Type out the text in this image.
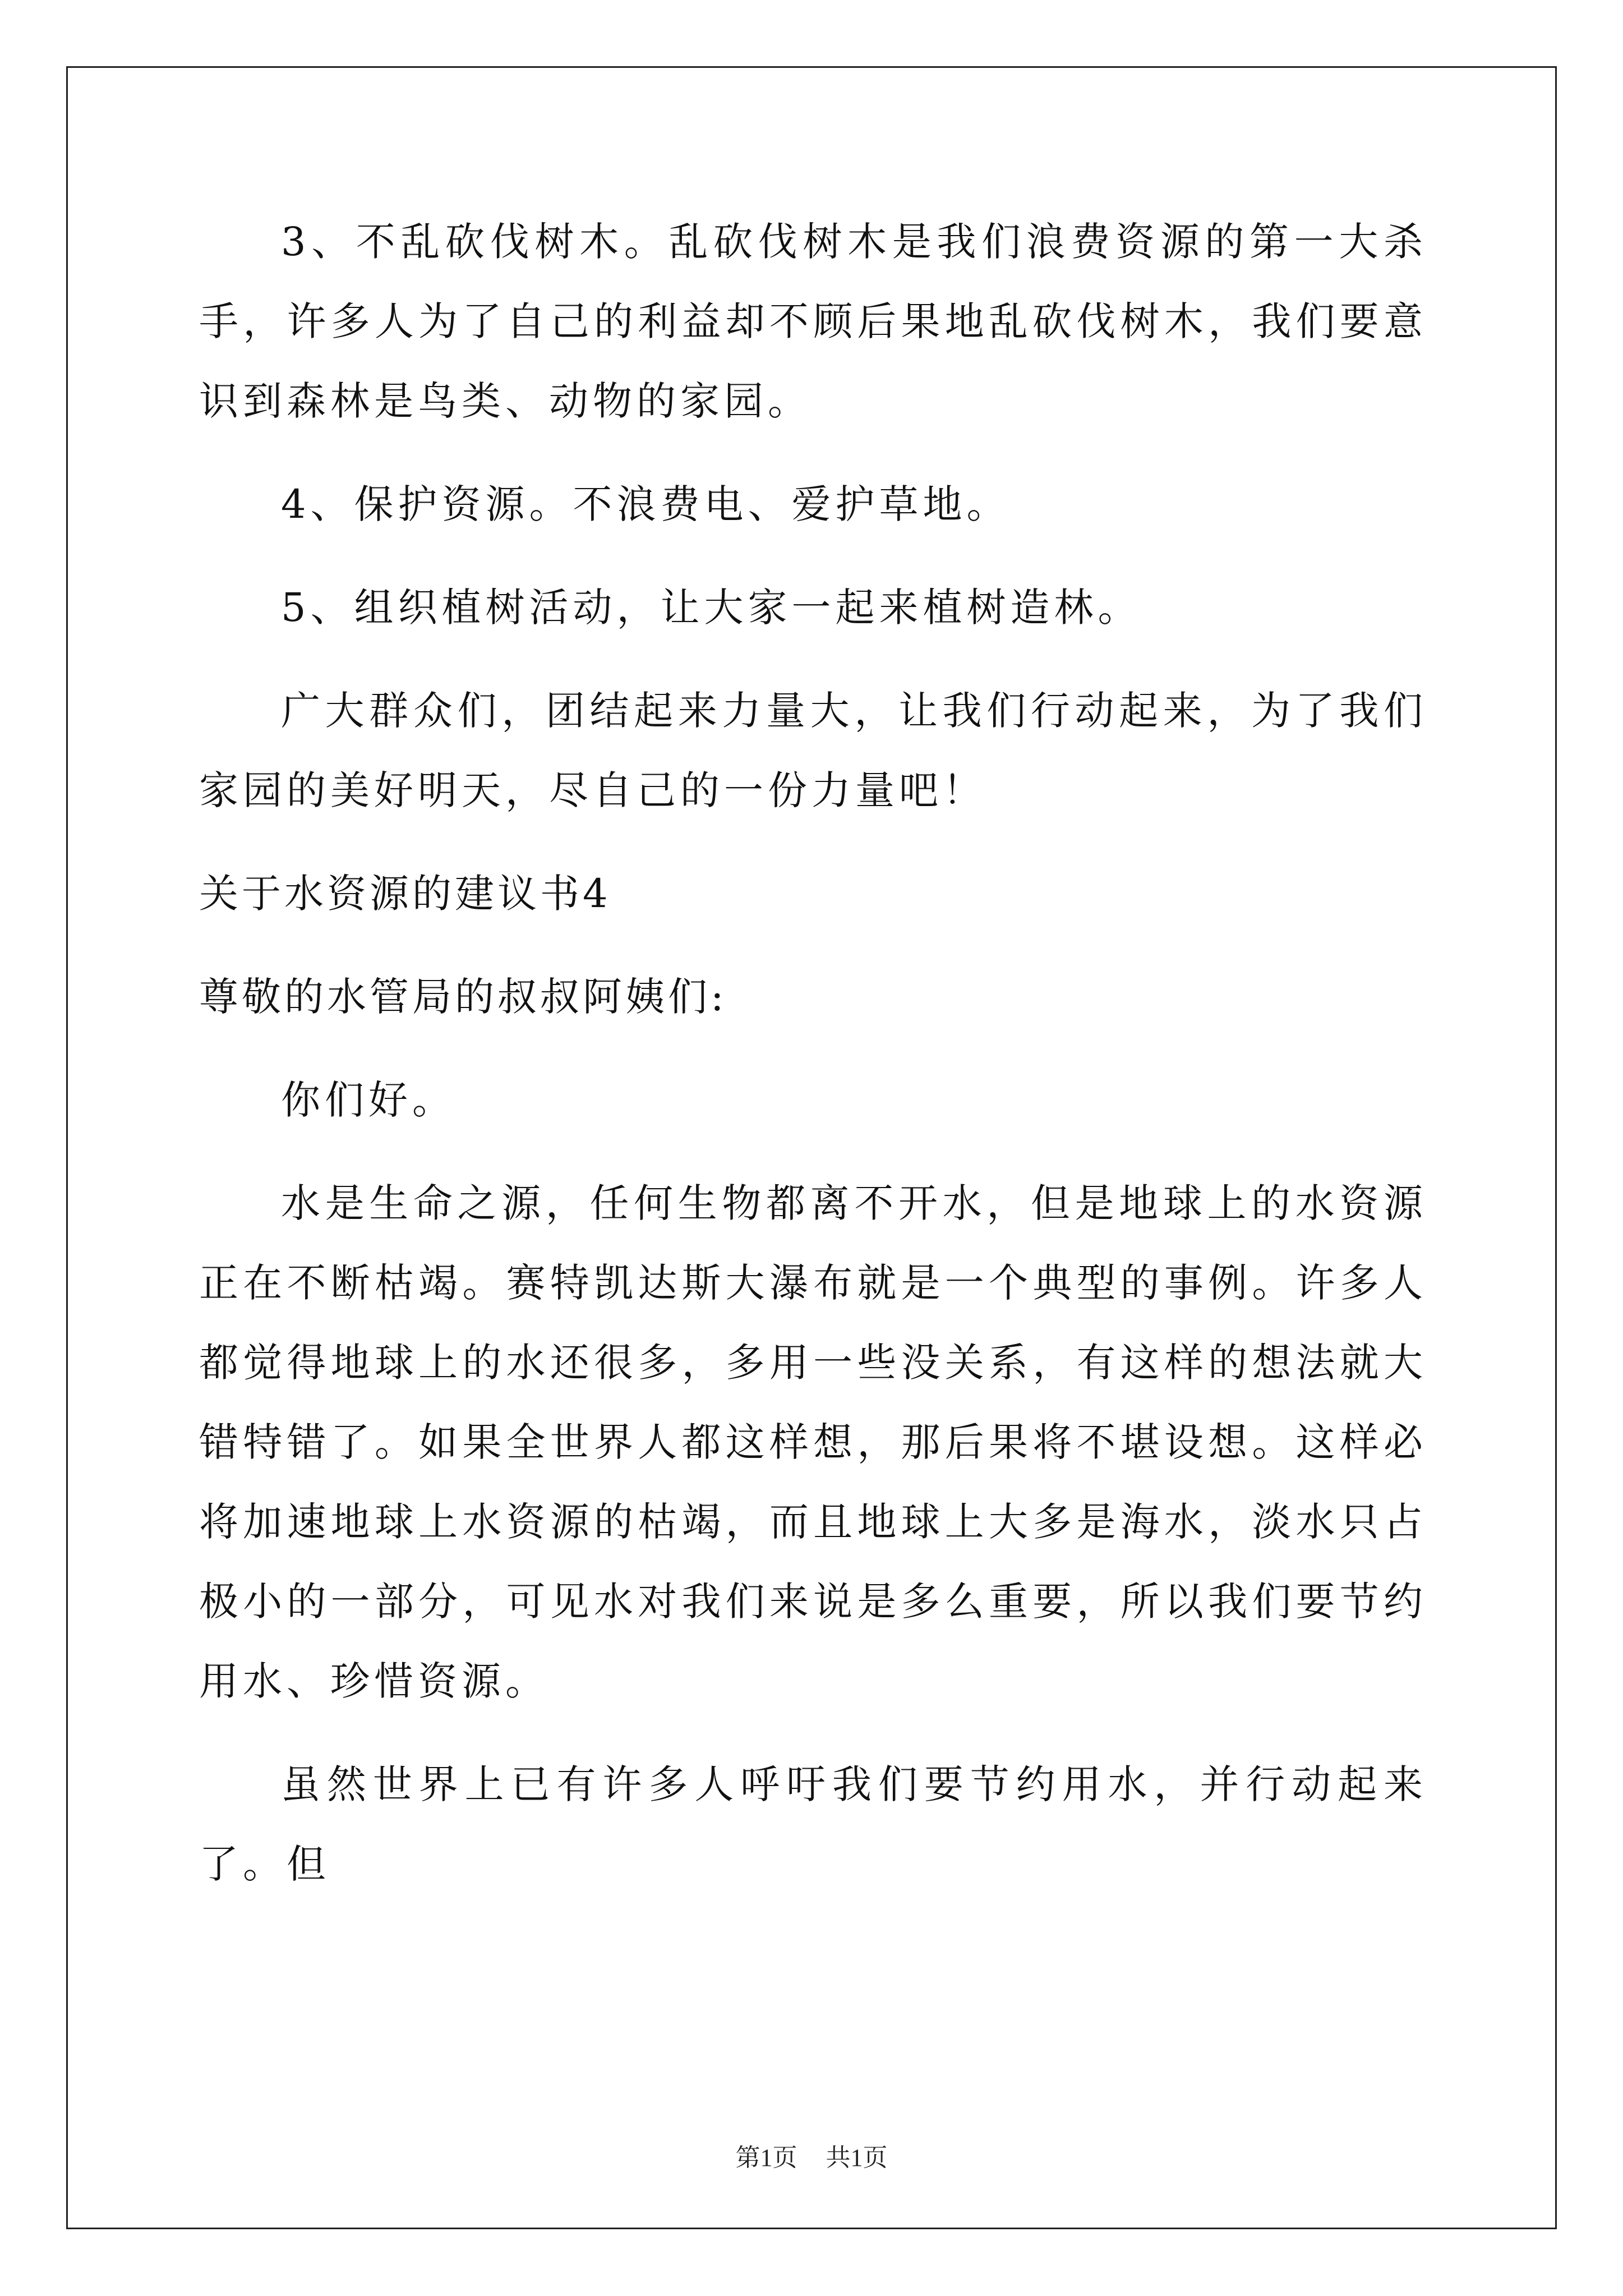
3、不乱砍伐树木。乱砍伐树木是我们浪费资源的第一大杀手，许多人为了自己的利益却不顾后果地乱砍伐树木，我们要意识到森林是鸟类、动物的家园。

4、保护资源。不浪费电、爱护草地。

5、组织植树活动，让大家一起来植树造林。

广大群众们，团结起来力量大，让我们行动起来，为了我们家园的美好明天，尽自己的一份力量吧！

关于水资源的建议书4

尊敬的水管局的叔叔阿姨们:

你们好。

水是生命之源，任何生物都离不开水，但是地球上的水资源正在不断枯竭。赛特凯达斯大瀑布就是一个典型的事例。许多人都觉得地球上的水还很多，多用一些没关系，有这样的想法就大错特错了。如果全世界人都这样想，那后果将不堪设想。这样必将加速地球上水资源的枯竭，而且地球上大多是海水，淡水只占极小的一部分，可见水对我们来说是多么重要，所以我们要节约用水、珍惜资源。

虽然世界上已有许多人呼吁我们要节约用水，并行动起来了。但

第1页 共1页
